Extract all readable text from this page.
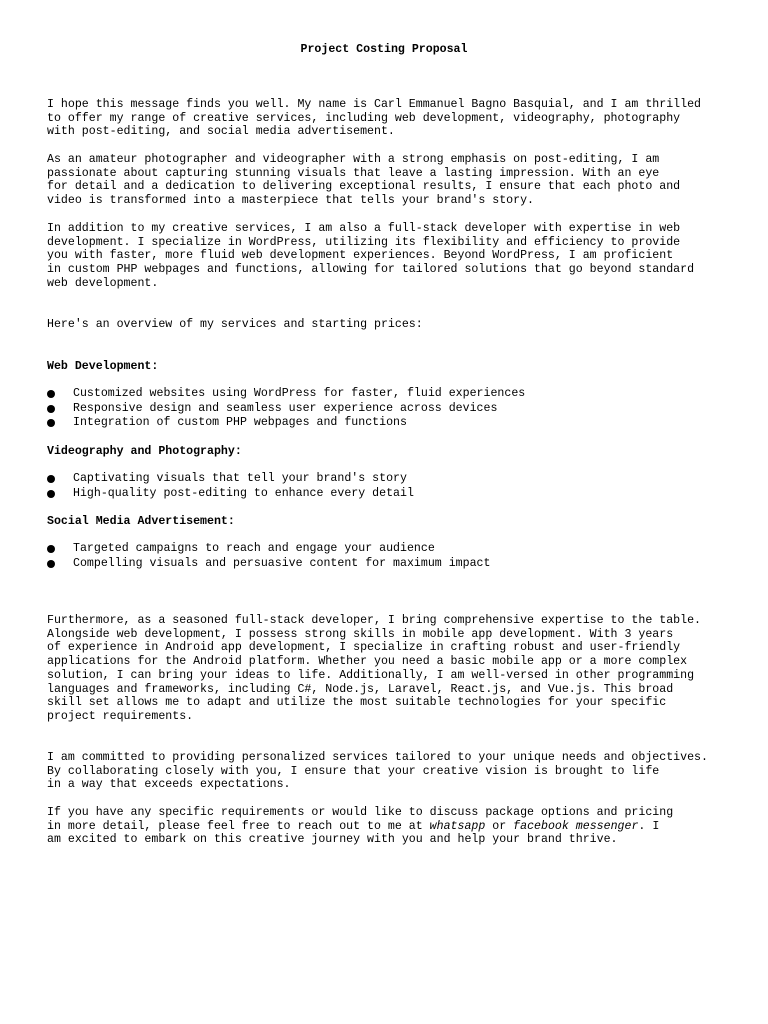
Project Costing Proposal

I hope this message finds you well. My name is Carl Emmanuel Bagno Basquial, and I am thrilled
to offer my range of creative services, including web development, videography, photography
with post-editing, and social media advertisement.

As an amateur photographer and videographer with a strong emphasis on post-editing, I am
passionate about capturing stunning visuals that leave a lasting impression. With an eye
for detail and a dedication to delivering exceptional results, I ensure that each photo and
video is transformed into a masterpiece that tells your brand's story.

In addition to my creative services, I am also a full-stack developer with expertise in web
development. I specialize in WordPress, utilizing its flexibility and efficiency to provide
you with faster, more fluid web development experiences. Beyond WordPress, I am proficient
in custom PHP webpages and functions, allowing for tailored solutions that go beyond standard
web development.

Here's an overview of my services and starting prices:

Web Development:
Customized websites using WordPress for faster, fluid experiences
Responsive design and seamless user experience across devices
Integration of custom PHP webpages and functions
Videography and Photography:
Captivating visuals that tell your brand's story
High-quality post-editing to enhance every detail
Social Media Advertisement:
Targeted campaigns to reach and engage your audience
Compelling visuals and persuasive content for maximum impact

Furthermore, as a seasoned full-stack developer, I bring comprehensive expertise to the table.
Alongside web development, I possess strong skills in mobile app development. With 3 years
of experience in Android app development, I specialize in crafting robust and user-friendly
applications for the Android platform. Whether you need a basic mobile app or a more complex
solution, I can bring your ideas to life. Additionally, I am well-versed in other programming
languages and frameworks, including C#, Node.js, Laravel, React.js, and Vue.js. This broad
skill set allows me to adapt and utilize the most suitable technologies for your specific
project requirements.

I am committed to providing personalized services tailored to your unique needs and objectives.
By collaborating closely with you, I ensure that your creative vision is brought to life
in a way that exceeds expectations.

If you have any specific requirements or would like to discuss package options and pricing
in more detail, please feel free to reach out to me at whatsapp or facebook messenger. I
am excited to embark on this creative journey with you and help your brand thrive.
